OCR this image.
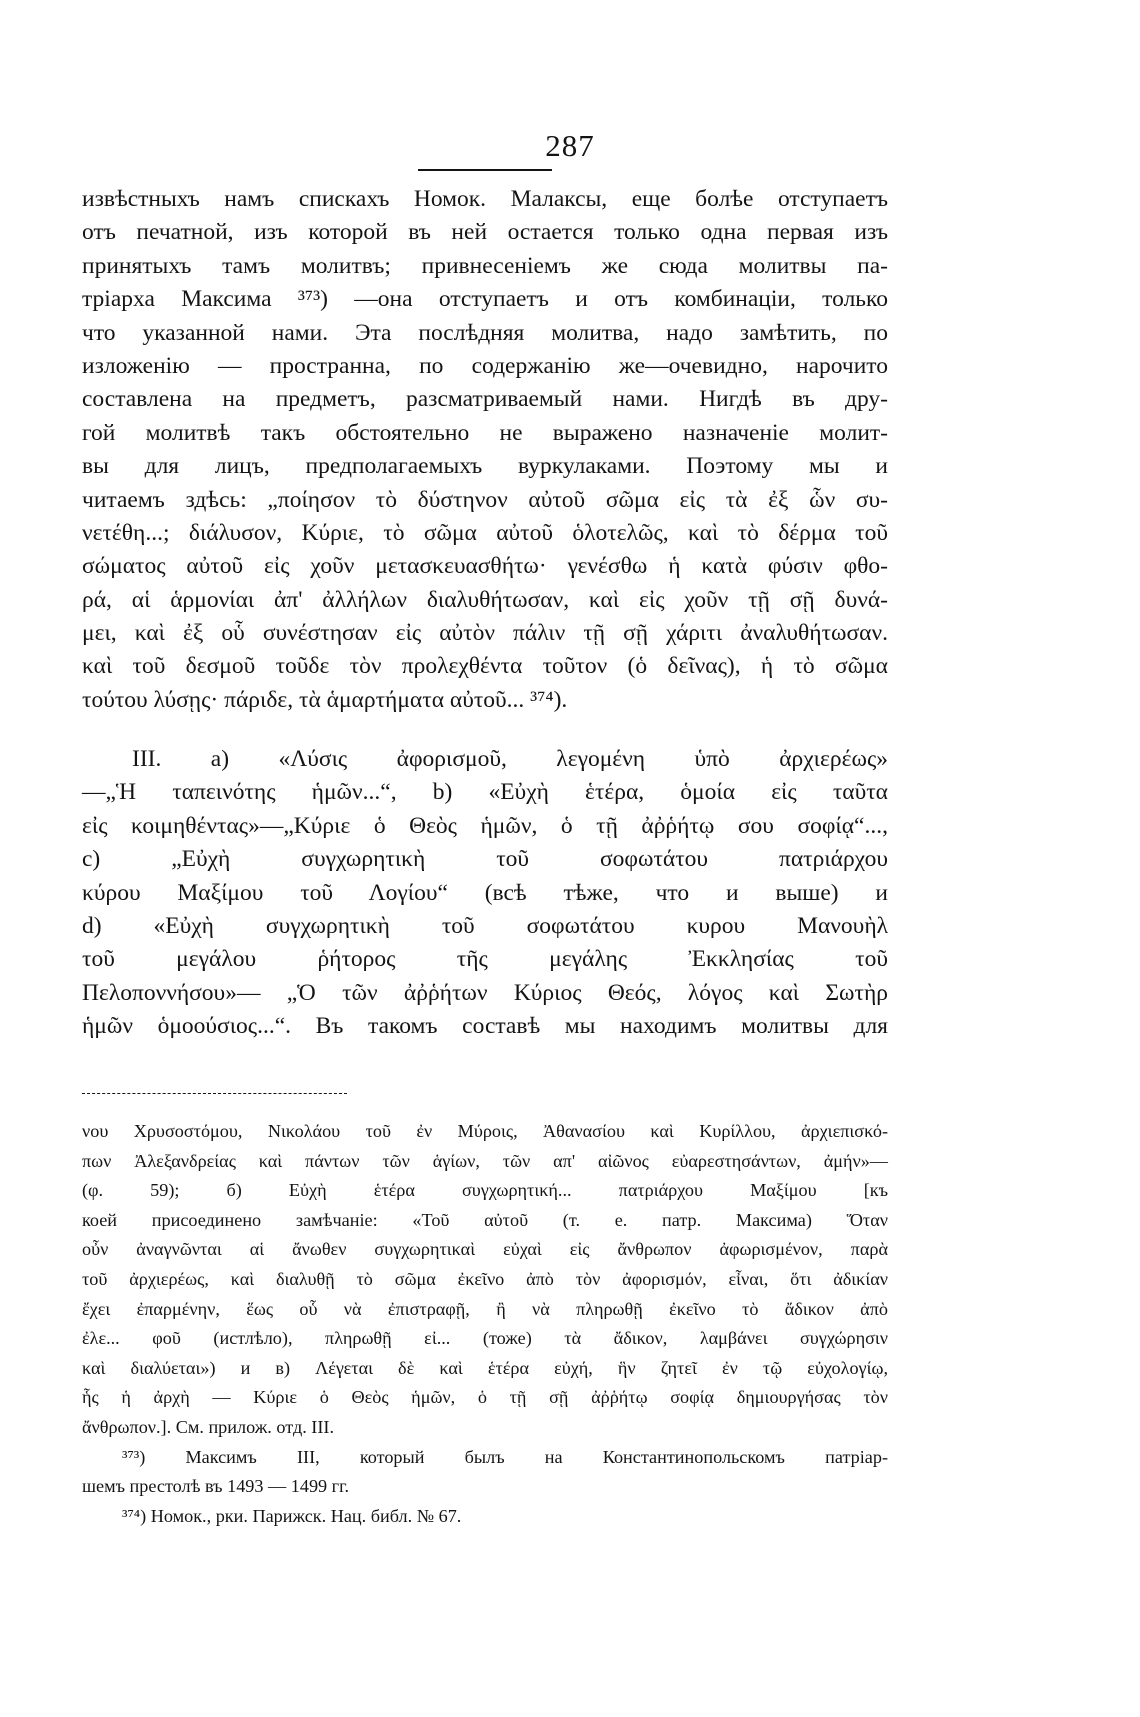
287
извѣстныхъ намъ спискахъ Номок. Малаксы, еще болѣе отступаетъ
отъ печатной, изъ которой въ ней остается только одна первая изъ
принятыхъ тамъ молитвъ; привнесеніемъ же сюда молитвы па-
тріарха Максима ³⁷³) —она отступаетъ и отъ комбинаціи, только
что указанной нами. Эта послѣдняя молитва, надо замѣтить, по
изложенію — пространна, по содержанію же—очевидно, нарочито
составлена на предметъ, разсматриваемый нами. Нигдѣ въ дру-
гой молитвѣ такъ обстоятельно не выражено назначеніе молит-
вы для лицъ, предполагаемыхъ вуркулаками. Поэтому мы и
читаемъ здѣсь: „ποίησον τὸ δύστηνον αὐτοῦ σῶμα εἰς τὰ ἐξ ὧν συ-
νετέθη...; διάλυσον, Κύριε, τὸ σῶμα αὐτοῦ ὁλοτελῶς, καὶ τὸ δέρμα τοῦ
σώματος αὐτοῦ εἰς χοῦν μετασκευασθήτω· γενέσθω ἡ κατὰ φύσιν φθο-
ρά, αἱ ἁρμονίαι ἀπ' ἀλλήλων διαλυθήτωσαν, καὶ εἰς χοῦν τῇ σῇ δυνά-
μει, καὶ ἐξ οὗ συνέστησαν εἰς αὐτὸν πάλιν τῇ σῇ χάριτι ἀναλυθήτωσαν.
καὶ τοῦ δεσμοῦ τοῦδε τὸν προλεχθέντα τοῦτον (ὁ δεῖνας), ἡ τὸ σῶμα
τούτου λύσῃς· πάριδε, τὰ ἁμαρτήματα αὐτοῦ... ³⁷⁴).
III. a) «Λύσις ἀφορισμοῦ, λεγομένη ὑπὸ ἀρχιερέως»
—„Ἡ ταπεινότης ἡμῶν...“, b) «Εὐχὴ ἑτέρα, ὁμοία εἰς ταῦτα
εἰς κοιμηθέντας»—„Κύριε ὁ Θεὸς ἡμῶν, ὁ τῇ ἀῤῥήτῳ σου σοφίᾳ“...,
c) „Εὐχὴ συγχωρητικὴ τοῦ σοφωτάτου πατριάρχου
κύρου Μαξίμου τοῦ Λογίου“ (всѣ тѣже, что и выше) и
d) «Εὐχὴ συγχωρητικὴ τοῦ σοφωτάτου κυρου Μανουὴλ
τοῦ μεγάλου ῥήτορος τῆς μεγάλης Ἐκκλησίας τοῦ
Πελοποννήσου»— „Ὁ τῶν ἀῤῥήτων Κύριος Θεός, λόγος καὶ Σωτὴρ
ἡμῶν ὁμοούσιος...“. Въ такомъ составѣ мы находимъ молитвы для
νου Χρυσοστόμου, Νικολάου τοῦ ἐν Μύροις, Ἀθανασίου καὶ Κυρίλλου, ἀρχιεπισκό-
πων Ἀλεξανδρείας καὶ πάντων τῶν ἁγίων, τῶν απ' αἰῶνος εὐαρεστησάντων, ἀμήν»—
(φ. 59); б) Εὐχὴ ἑτέρα συγχωρητική... πατριάρχου Μαξίμου [къ
коей присоединено замѣчаніе: «Τοῦ αὐτοῦ (т. е. патр. Максима) Ὅταν
οὖν ἀναγνῶνται αἱ ἄνωθεν συγχωρητικαὶ εὐχαὶ εἰς ἄνθρωπον ἀφωρισμένον, παρὰ
τοῦ ἀρχιερέως, καὶ διαλυθῇ τὸ σῶμα ἐκεῖνο ἀπὸ τὸν ἀφορισμόν, εἶναι, ὅτι ἀδικίαν
ἔχει ἐπαρμένην, ἕως οὗ νὰ ἐπιστραφῇ, ἢ νὰ πληρωθῇ ἐκεῖνο τὸ ἄδικον ἀπὸ
ἐλε... φοῦ (истлѣло), πληρωθῇ εἰ... (тоже) τὰ ἄδικον, λαμβάνει συγχώρησιν
καὶ διαλύεται») и в) Λέγεται δὲ καὶ ἑτέρα εὐχή, ἣν ζητεῖ ἐν τῷ εὐχολογίῳ,
ἧς ἡ ἀρχὴ — Κύριε ὁ Θεὸς ἡμῶν, ὁ τῇ σῇ ἀῤῥήτῳ σοφίᾳ δημιουργήσας τὸν
ἄνθρωπον.]. См. прилож. отд. III.
³⁷³) Максимъ III, который былъ на Константинопольскомъ патріар-
шемъ престолѣ въ 1493 — 1499 гг.
³⁷⁴) Номок., рки. Парижск. Нац. библ. № 67.
